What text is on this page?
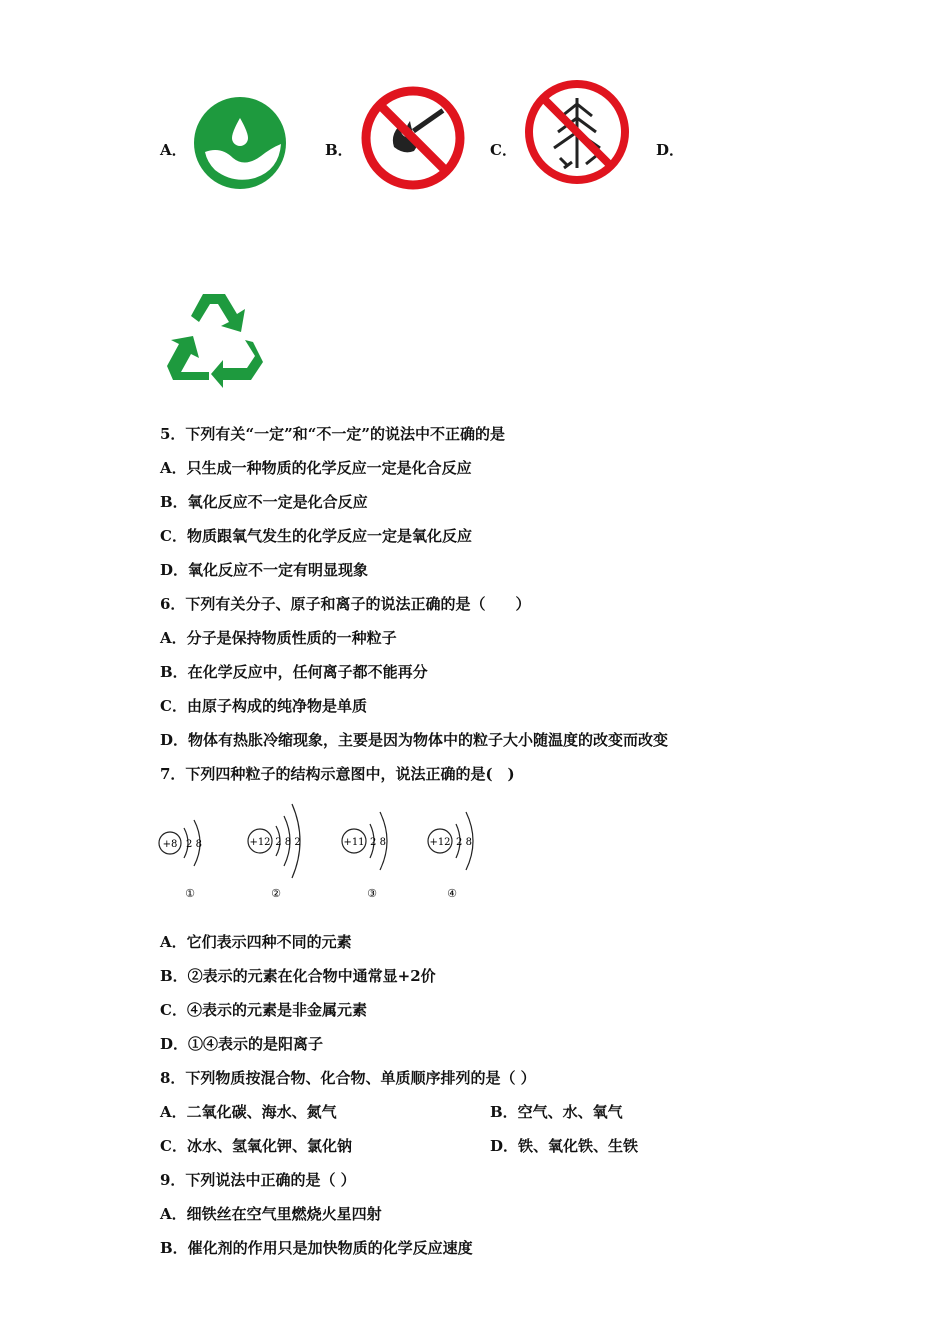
A．	B．	C．	D．
5．下列有关“一定”和“不一定”的说法中不正确的是
A．只生成一种物质的化学反应一定是化合反应
B．氧化反应不一定是化合反应
C．物质跟氧气发生的化学反应一定是氧化反应
D．氧化反应不一定有明显现象
6．下列有关分子、原子和离子的说法正确的是（　　）
A．分子是保持物质性质的一种粒子
B．在化学反应中，任何离子都不能再分
C．由原子构成的纯净物是单质
D．物体有热胀冷缩现象，主要是因为物体中的粒子大小随温度的改变而改变
7．下列四种粒子的结构示意图中，说法正确的是(　)
+8 2 8
①
+12 2 8 2
②
+11 2 8
③
+12 2 8
④
A．它们表示四种不同的元素
B．②表示的元素在化合物中通常显+2价
C．④表示的元素是非金属元素
D．①④表示的是阳离子
8．下列物质按混合物、化合物、单质顺序排列的是（ ）
A．二氧化碳、海水、氮气	B．空气、水、氧气
C．冰水、氢氧化钾、氯化钠	D．铁、氧化铁、生铁
9．下列说法中正确的是（ ）
A．细铁丝在空气里燃烧火星四射
B．催化剂的作用只是加快物质的化学反应速度
